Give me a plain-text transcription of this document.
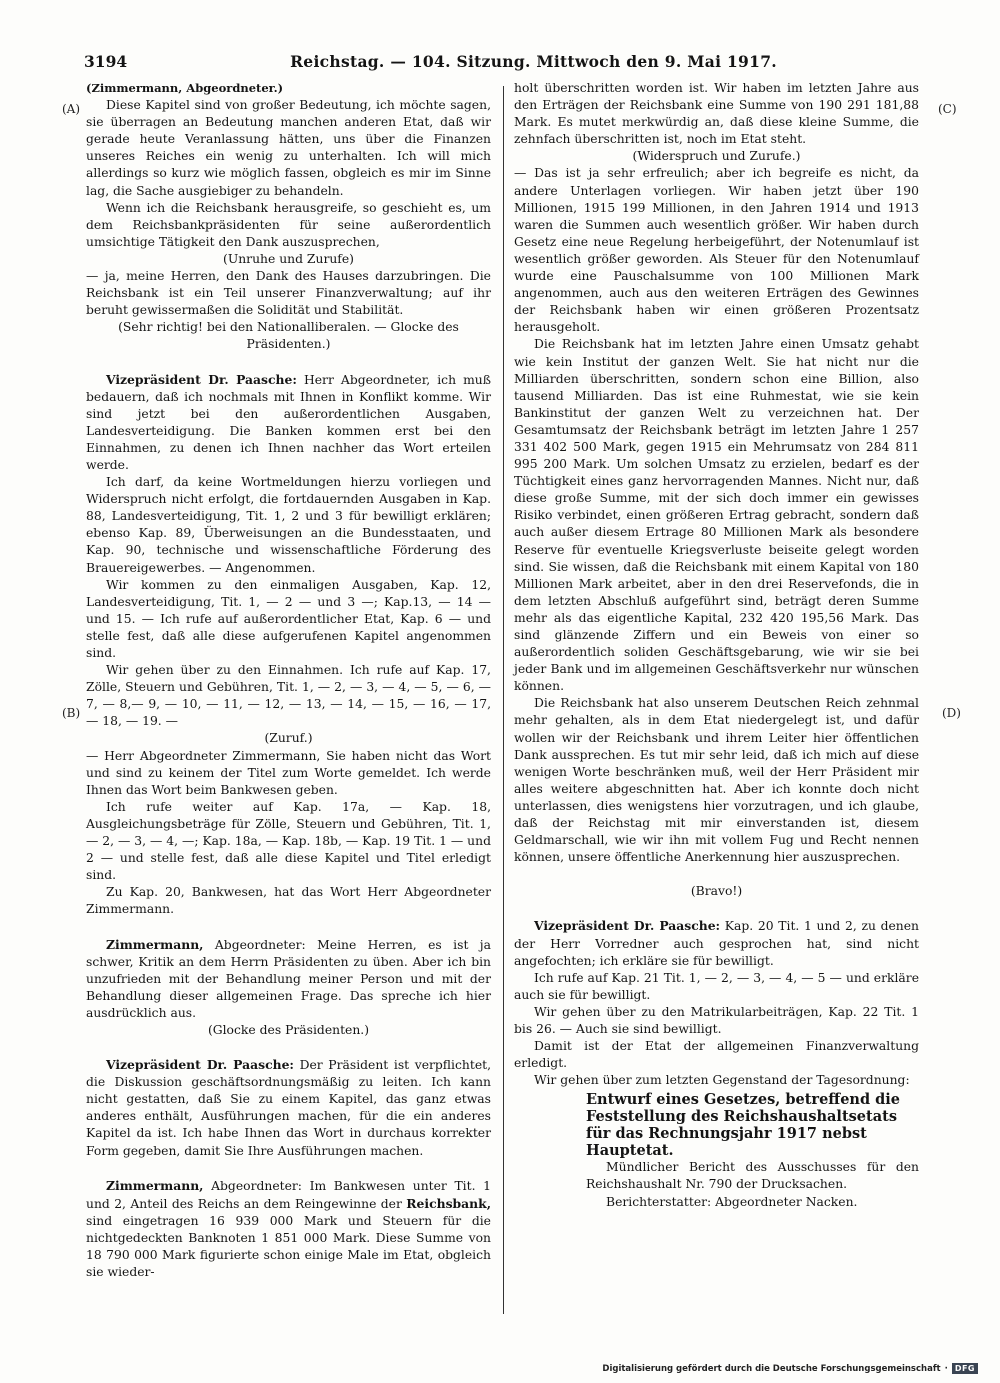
3194	Reichstag. — 104. Sitzung. Mittwoch den 9. Mai 1917.
(A)
(B)
(C)
(D)

(Zimmermann, Abgeordneter.)

Diese Kapitel sind von großer Bedeutung, ich möchte sagen, sie überragen an Bedeutung manchen anderen Etat, daß wir gerade heute Veranlassung hätten, uns über die Finanzen unseres Reiches ein wenig zu unterhalten. Ich will mich allerdings so kurz wie möglich fassen, obgleich es mir im Sinne lag, die Sache ausgiebiger zu behandeln.

Wenn ich die Reichsbank herausgreife, so geschieht es, um dem Reichsbankpräsidenten für seine außerordentlich umsichtige Tätigkeit den Dank auszusprechen,

(Unruhe und Zurufe)

— ja, meine Herren, den Dank des Hauses darzubringen. Die Reichsbank ist ein Teil unserer Finanzverwaltung; auf ihr beruht gewissermaßen die Solidität und Stabilität.

(Sehr richtig! bei den Nationalliberalen. — Glocke des Präsidenten.)

Vizepräsident Dr. Paasche: Herr Abgeordneter, ich muß bedauern, daß ich nochmals mit Ihnen in Konflikt komme. Wir sind jetzt bei den außerordentlichen Ausgaben, Landesverteidigung. Die Banken kommen erst bei den Einnahmen, zu denen ich Ihnen nachher das Wort erteilen werde.

Ich darf, da keine Wortmeldungen hierzu vorliegen und Widerspruch nicht erfolgt, die fortdauernden Ausgaben in Kap. 88, Landesverteidigung, Tit. 1, 2 und 3 für bewilligt erklären; ebenso Kap. 89, Überweisungen an die Bundesstaaten, und Kap. 90, technische und wissenschaftliche Förderung des Brauereigewerbes. — Angenommen.

Wir kommen zu den einmaligen Ausgaben, Kap. 12, Landesverteidigung, Tit. 1, — 2 — und 3 —; Kap.13, — 14 — und 15. — Ich rufe auf außerordentlicher Etat, Kap. 6 — und stelle fest, daß alle diese aufgerufenen Kapitel angenommen sind.

Wir gehen über zu den Einnahmen. Ich rufe auf Kap. 17, Zölle, Steuern und Gebühren, Tit. 1, — 2, — 3, — 4, — 5, — 6, — 7, — 8,— 9, — 10, — 11, — 12, — 13, — 14, — 15, — 16, — 17, — 18, — 19. —

(Zuruf.)

— Herr Abgeordneter Zimmermann, Sie haben nicht das Wort und sind zu keinem der Titel zum Worte gemeldet. Ich werde Ihnen das Wort beim Bankwesen geben.

Ich rufe weiter auf Kap. 17a, — Kap. 18, Ausgleichungsbeträge für Zölle, Steuern und Gebühren, Tit. 1, — 2, — 3, — 4, —; Kap. 18a, — Kap. 18b, — Kap. 19 Tit. 1 — und 2 — und stelle fest, daß alle diese Kapitel und Titel erledigt sind.

Zu Kap. 20, Bankwesen, hat das Wort Herr Abgeordneter Zimmermann.

Zimmermann, Abgeordneter: Meine Herren, es ist ja schwer, Kritik an dem Herrn Präsidenten zu üben. Aber ich bin unzufrieden mit der Behandlung meiner Person und mit der Behandlung dieser allgemeinen Frage. Das spreche ich hier ausdrücklich aus.

(Glocke des Präsidenten.)

Vizepräsident Dr. Paasche: Der Präsident ist verpflichtet, die Diskussion geschäftsordnungsmäßig zu leiten. Ich kann nicht gestatten, daß Sie zu einem Kapitel, das ganz etwas anderes enthält, Ausführungen machen, für die ein anderes Kapitel da ist. Ich habe Ihnen das Wort in durchaus korrekter Form gegeben, damit Sie Ihre Ausführungen machen.

Zimmermann, Abgeordneter: Im Bankwesen unter Tit. 1 und 2, Anteil des Reichs an dem Reingewinne der Reichsbank, sind eingetragen 16 939 000 Mark und Steuern für die nichtgedeckten Banknoten 1 851 000 Mark. Diese Summe von 18 790 000 Mark figurierte schon einige Male im Etat, obgleich sie wieder-

holt überschritten worden ist. Wir haben im letzten Jahre aus den Erträgen der Reichsbank eine Summe von 190 291 181,88 Mark. Es mutet merkwürdig an, daß diese kleine Summe, die zehnfach überschritten ist, noch im Etat steht.

(Widerspruch und Zurufe.)

— Das ist ja sehr erfreulich; aber ich begreife es nicht, da andere Unterlagen vorliegen. Wir haben jetzt über 190 Millionen, 1915 199 Millionen, in den Jahren 1914 und 1913 waren die Summen auch wesentlich größer. Wir haben durch Gesetz eine neue Regelung herbeigeführt, der Notenumlauf ist wesentlich größer geworden. Als Steuer für den Notenumlauf wurde eine Pauschalsumme von 100 Millionen Mark angenommen, auch aus den weiteren Erträgen des Gewinnes der Reichsbank haben wir einen größeren Prozentsatz herausgeholt.

Die Reichsbank hat im letzten Jahre einen Umsatz gehabt wie kein Institut der ganzen Welt. Sie hat nicht nur die Milliarden überschritten, sondern schon eine Billion, also tausend Milliarden. Das ist eine Ruhmestat, wie sie kein Bankinstitut der ganzen Welt zu verzeichnen hat. Der Gesamtumsatz der Reichsbank beträgt im letzten Jahre 1 257 331 402 500 Mark, gegen 1915 ein Mehrumsatz von 284 811 995 200 Mark. Um solchen Umsatz zu erzielen, bedarf es der Tüchtigkeit eines ganz hervorragenden Mannes. Nicht nur, daß diese große Summe, mit der sich doch immer ein gewisses Risiko verbindet, einen größeren Ertrag gebracht, sondern daß auch außer diesem Ertrage 80 Millionen Mark als besondere Reserve für eventuelle Kriegsverluste beiseite gelegt worden sind. Sie wissen, daß die Reichsbank mit einem Kapital von 180 Millionen Mark arbeitet, aber in den drei Reservefonds, die in dem letzten Abschluß aufgeführt sind, beträgt deren Summe mehr als das eigentliche Kapital, 232 420 195,56 Mark. Das sind glänzende Ziffern und ein Beweis von einer so außerordentlich soliden Geschäftsgebarung, wie wir sie bei jeder Bank und im allgemeinen Geschäftsverkehr nur wünschen können.

Die Reichsbank hat also unserem Deutschen Reich zehnmal mehr gehalten, als in dem Etat niedergelegt ist, und dafür wollen wir der Reichsbank und ihrem Leiter hier öffentlichen Dank aussprechen. Es tut mir sehr leid, daß ich mich auf diese wenigen Worte beschränken muß, weil der Herr Präsident mir alles weitere abgeschnitten hat. Aber ich konnte doch nicht unterlassen, dies wenigstens hier vorzutragen, und ich glaube, daß der Reichstag mit mir einverstanden ist, diesem Geldmarschall, wie wir ihn mit vollem Fug und Recht nennen können, unsere öffentliche Anerkennung hier auszusprechen.

(Bravo!)

Vizepräsident Dr. Paasche: Kap. 20 Tit. 1 und 2, zu denen der Herr Vorredner auch gesprochen hat, sind nicht angefochten; ich erkläre sie für bewilligt.

Ich rufe auf Kap. 21 Tit. 1, — 2, — 3, — 4, — 5 — und erkläre auch sie für bewilligt.

Wir gehen über zu den Matrikularbeiträgen, Kap. 22 Tit. 1 bis 26. — Auch sie sind bewilligt.

Damit ist der Etat der allgemeinen Finanzverwaltung erledigt.

Wir gehen über zum letzten Gegenstand der Tagesordnung:

Entwurf eines Gesetzes, betreffend die Feststellung des Reichshaushaltsetats für das Rechnungsjahr 1917 nebst Hauptetat.

Mündlicher Bericht des Ausschusses für den Reichshaushalt Nr. 790 der Drucksachen.

Berichterstatter: Abgeordneter Nacken.

Digitalisierung gefördert durch die Deutsche Forschungsgemeinschaft · DFG
